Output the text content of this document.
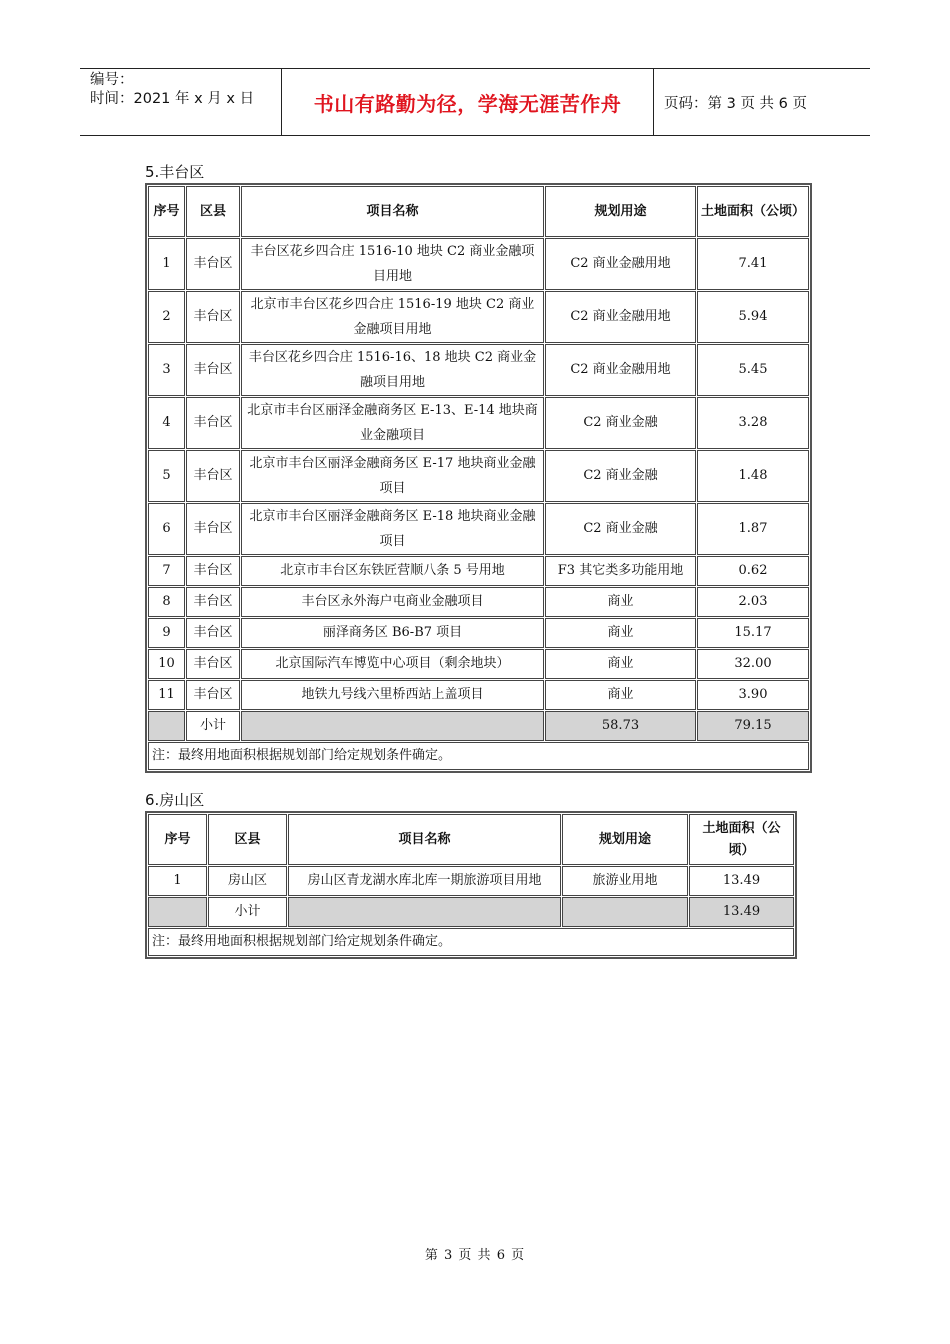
编号：
时间：2021 年 x 月 x 日	书山有路勤为径，学海无涯苦作舟	页码：第 3 页 共 6 页
5.丰台区
序号	区县	项目名称	规划用途	土地面积（公顷）
1	丰台区	丰台区花乡四合庄 1516-10 地块 C2 商业金融项目用地	C2 商业金融用地	7.41
2	丰台区	北京市丰台区花乡四合庄 1516-19 地块 C2 商业金融项目用地	C2 商业金融用地	5.94
3	丰台区	丰台区花乡四合庄 1516-16、18 地块 C2 商业金融项目用地	C2 商业金融用地	5.45
4	丰台区	北京市丰台区丽泽金融商务区 E-13、E-14 地块商业金融项目	C2 商业金融	3.28
5	丰台区	北京市丰台区丽泽金融商务区 E-17 地块商业金融项目	C2 商业金融	1.48
6	丰台区	北京市丰台区丽泽金融商务区 E-18 地块商业金融项目	C2 商业金融	1.87
7	丰台区	北京市丰台区东铁匠营顺八条 5 号用地	F3 其它类多功能用地	0.62
8	丰台区	丰台区永外海户屯商业金融项目	商业	2.03
9	丰台区	丽泽商务区 B6-B7 项目	商业	15.17
10	丰台区	北京国际汽车博览中心项目（剩余地块）	商业	32.00
11	丰台区	地铁九号线六里桥西站上盖项目	商业	3.90
	小计		58.73	79.15
注：最终用地面积根据规划部门给定规划条件确定。				
6.房山区
序号	区县	项目名称	规划用途	土地面积（公顷）
1	房山区	房山区青龙湖水库北库一期旅游项目用地	旅游业用地	13.49
	小计			13.49
注：最终用地面积根据规划部门给定规划条件确定。				
第 3 页 共 6 页
